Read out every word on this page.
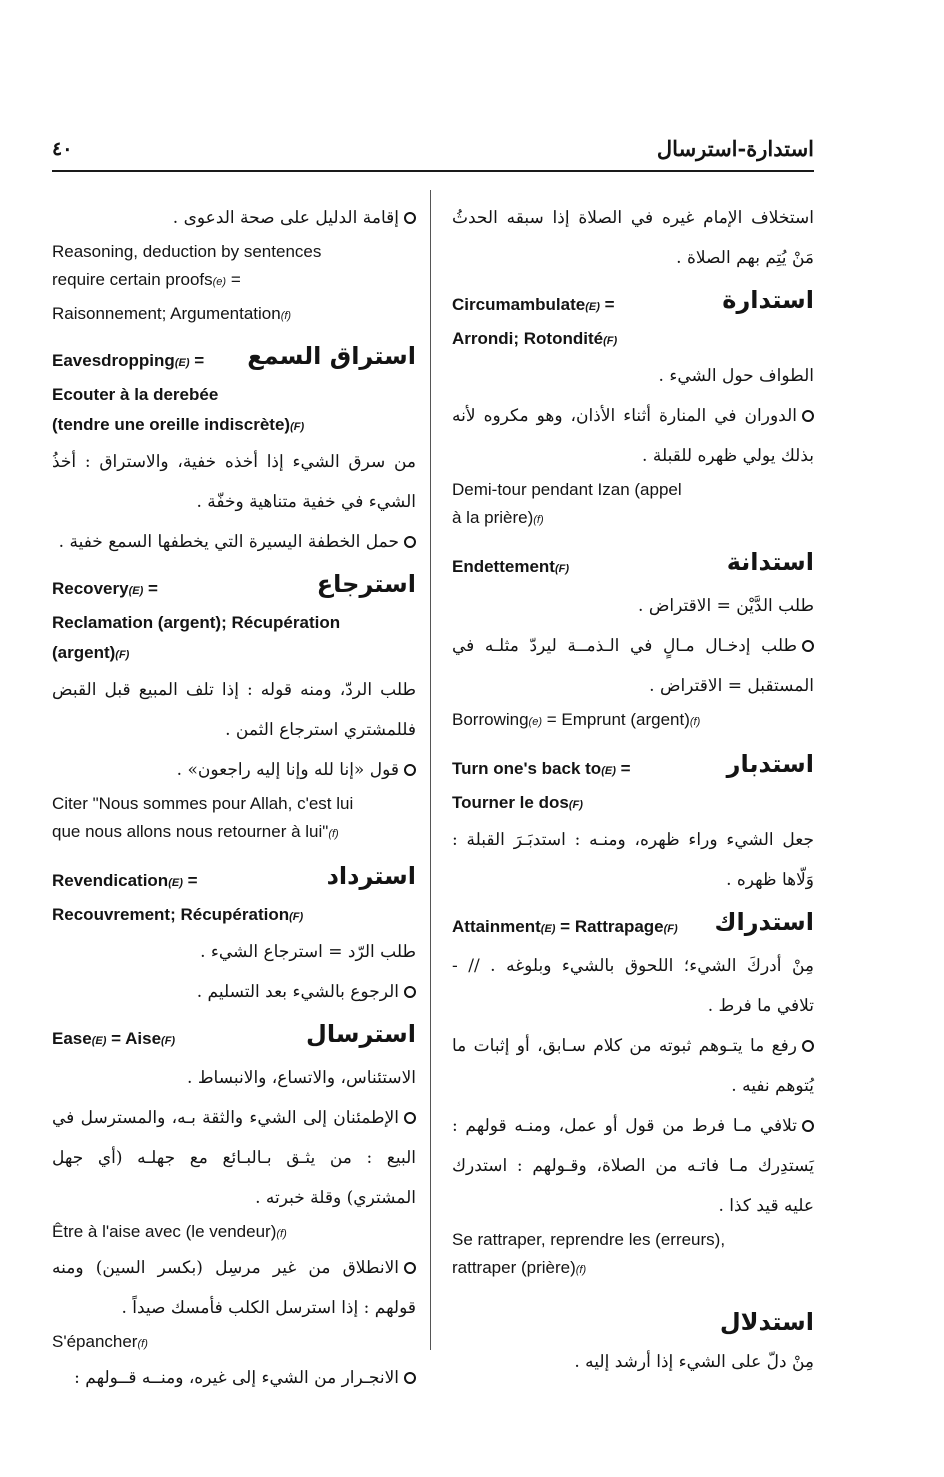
استدارة-استرسال
٤٠

إقامة الدليل على صحة الدعوى .

Reasoning, deduction by sentences

require certain proofs(e) =

Raisonnement; Argumentation(f)

استراق السمع

Eavesdropping(E) =

Ecouter à la derebée

(tendre une oreille indiscrète)(F)

من سرق الشيء إذا أخذه خفية، والاستراق : أخذُ الشيء في خفية متناهية وخفّة .

حمل الخطفة اليسيرة التي يخطفها السمع خفية .

استرجاع

Recovery(E) =

Reclamation (argent); Récupération

(argent)(F)

طلب الردّ، ومنه قوله : إذا تلف المبيع قبل القبض فللمشتري استرجاع الثمن .

قول «إنا لله وإنا إليه راجعون» .

Citer "Nous sommes pour Allah, c'est lui

que nous allons nous retourner à lui"(f)

استرداد

Revendication(E) =

Recouvrement; Récupération(F)

طلب الرّد = استرجاع الشيء .

الرجوع بالشيء بعد التسليم .

استرسال

Ease(E) = Aise(F)

الاستئناس، والاتساع، والانبساط .

الإطمئنان إلى الشيء والثقة بـه، والمسترسل في البيع : من يثـق بـالبـائع مع جهلـه (أي جهل المشتري) وقلة خبرته .

Être à l'aise avec (le vendeur)(f)

الانطلاق من غير مرسِل (بكسر السين) ومنه قولهم : إذا استرسل الكلب فأمسك صيداً .

S'épancher(f)

الانجـرار من الشيء إلى غيره، ومنــه قــولهم :

استخلاف الإمام غيره في الصلاة إذا سبقه الحدثُ مَنْ يُتِم بهم الصلاة .

استدارة

Circumambulate(E) =

Arrondi; Rotondité(F)

الطواف حول الشيء .

الدوران في المنارة أثناء الأذان، وهو مكروه لأنه بذلك يولي ظهره للقبلة .

Demi-tour pendant Izan (appel

à la prière)(f)

استدانة

Endettement(F)

طلب الدَّيْن = الاقتراض .

طلب إدخـال مـالٍ في الـذمــة ليردّ مثلـه في المستقبل = الاقتراض .

Borrowing(e) = Emprunt (argent)(f)

استدبار

Turn one's back to(E) =

Tourner le dos(F)

جعل الشيء وراء ظهره، ومنـه : استدبَـرَ القبلة : وَلّاها ظهره .

استدراك

Attainment(E) = Rattrapage(F)

مِنْ أدركَ الشيء؛ اللحوق بالشيء وبلوغه . // - تلافي ما فرط .

رفع ما يتـوهم ثبوته من كلام سـابق، أو إثبات ما يُتوهم نفيه .

تلافي مـا فرط من قول أو عمل، ومنـه قولهم : يَستدِرك مـا فاتـه من الصلاة، وقـولهم : استدرك عليه قيد كذا .

Se rattraper, reprendre les (erreurs),

rattraper (prière)(f)

استدلال

مِنْ دلّ على الشيء إذا أرشد إليه .
